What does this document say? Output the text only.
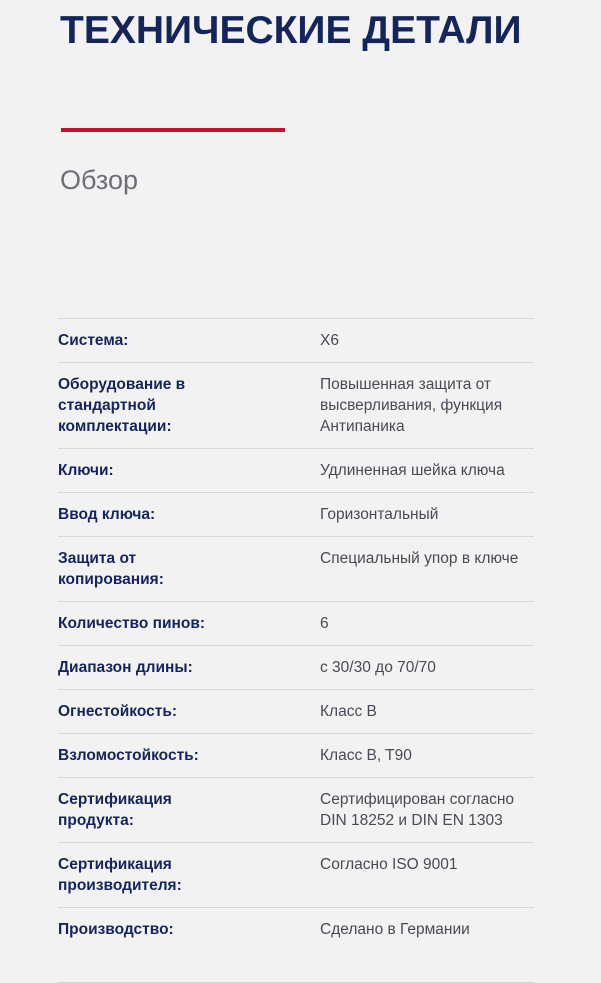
ТЕХНИЧЕСКИЕ ДЕТАЛИ
Обзор
Система:	X6
Оборудование в стандартной комплектации:	Повышенная защита от высверливания, функция Антипаника
Ключи:	Удлиненная шейка ключа
Ввод ключа:	Горизонтальный
Защита от копирования:	Специальный упор в ключе
Количество пинов:	6
Диапазон длины:	с 30/30 до 70/70
Огнестойкость:	Класс B
Взломостойкость:	Класс B, T90
Сертификация продукта:	Сертифицирован согласно DIN 18252 и DIN EN 1303
Сертификация производителя:	Согласно ISO 9001
Производство:	Сделано в Германии
